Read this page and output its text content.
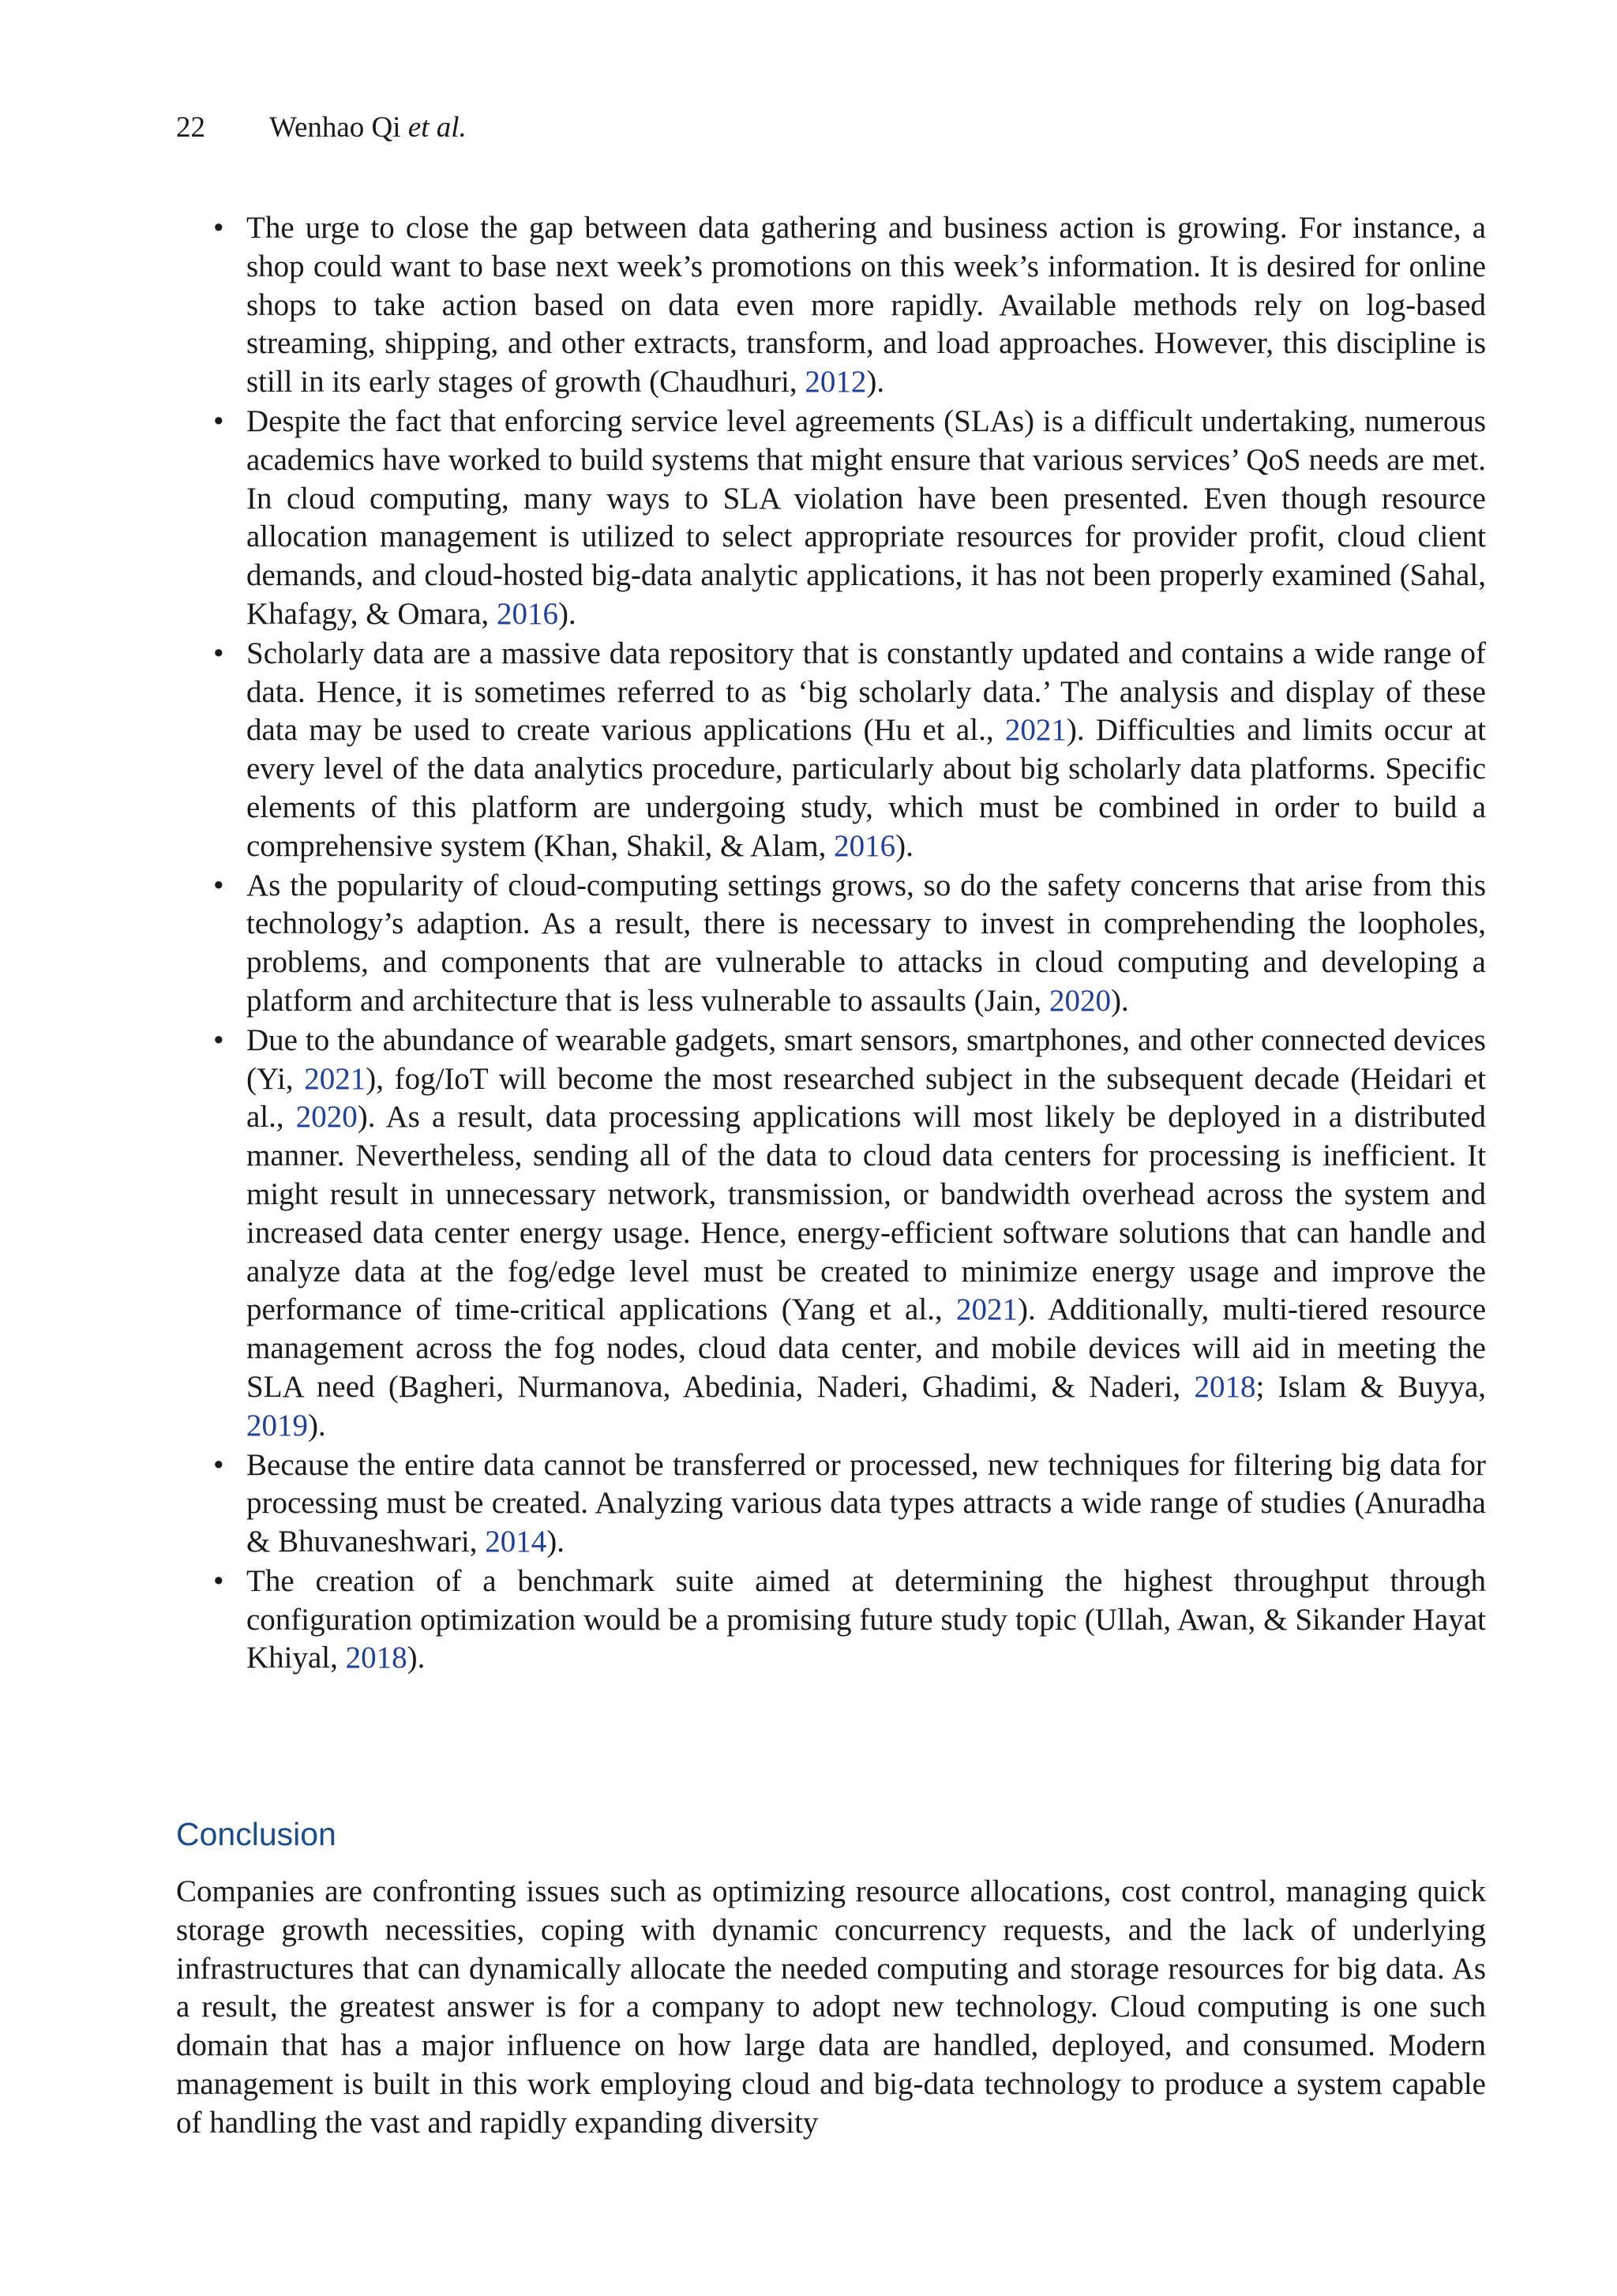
22 Wenhao Qi et al.
• The urge to close the gap between data gathering and business action is growing. For instance, a shop could want to base next week’s promotions on this week’s information. It is desired for online shops to take action based on data even more rapidly. Available methods rely on log-based streaming, shipping, and other extracts, transform, and load approaches. However, this discipline is still in its early stages of growth (Chaudhuri, 2012).
• Despite the fact that enforcing service level agreements (SLAs) is a difficult undertaking, numerous academics have worked to build systems that might ensure that various services’ QoS needs are met. In cloud computing, many ways to SLA violation have been presented. Even though resource allocation management is utilized to select appropriate resources for provider profit, cloud client demands, and cloud-hosted big-data analytic applications, it has not been properly examined (Sahal, Khafagy, & Omara, 2016).
• Scholarly data are a massive data repository that is constantly updated and contains a wide range of data. Hence, it is sometimes referred to as ‘big scholarly data.’ The analysis and display of these data may be used to create various applications (Hu et al., 2021). Difficulties and limits occur at every level of the data analytics procedure, particularly about big scholarly data platforms. Specific elements of this platform are undergoing study, which must be combined in order to build a comprehensive system (Khan, Shakil, & Alam, 2016).
• As the popularity of cloud-computing settings grows, so do the safety concerns that arise from this technology’s adaption. As a result, there is necessary to invest in comprehending the loopholes, problems, and components that are vulnerable to attacks in cloud computing and developing a platform and architecture that is less vulnerable to assaults (Jain, 2020).
• Due to the abundance of wearable gadgets, smart sensors, smartphones, and other connected devices (Yi, 2021), fog/IoT will become the most researched subject in the subsequent decade (Heidari et al., 2020). As a result, data processing applications will most likely be deployed in a distributed manner. Nevertheless, sending all of the data to cloud data centers for processing is inefficient. It might result in unnecessary network, transmission, or bandwidth overhead across the system and increased data center energy usage. Hence, energy-efficient software solutions that can handle and analyze data at the fog/edge level must be created to minimize energy usage and improve the performance of time-critical applications (Yang et al., 2021). Additionally, multi-tiered resource management across the fog nodes, cloud data center, and mobile devices will aid in meeting the SLA need (Bagheri, Nurmanova, Abedinia, Naderi, Ghadimi, & Naderi, 2018; Islam & Buyya, 2019).
• Because the entire data cannot be transferred or processed, new techniques for filtering big data for processing must be created. Analyzing various data types attracts a wide range of studies (Anuradha & Bhuvaneshwari, 2014).
• The creation of a benchmark suite aimed at determining the highest throughput through configuration optimization would be a promising future study topic (Ullah, Awan, & Sikander Hayat Khiyal, 2018).
Conclusion

Companies are confronting issues such as optimizing resource allocations, cost control, managing quick storage growth necessities, coping with dynamic concurrency requests, and the lack of underlying infrastructures that can dynamically allocate the needed computing and storage resources for big data. As a result, the greatest answer is for a company to adopt new technology. Cloud computing is one such domain that has a major influence on how large data are handled, deployed, and consumed. Modern management is built in this work employing cloud and big-data technology to produce a system capable of handling the vast and rapidly expanding diversity
